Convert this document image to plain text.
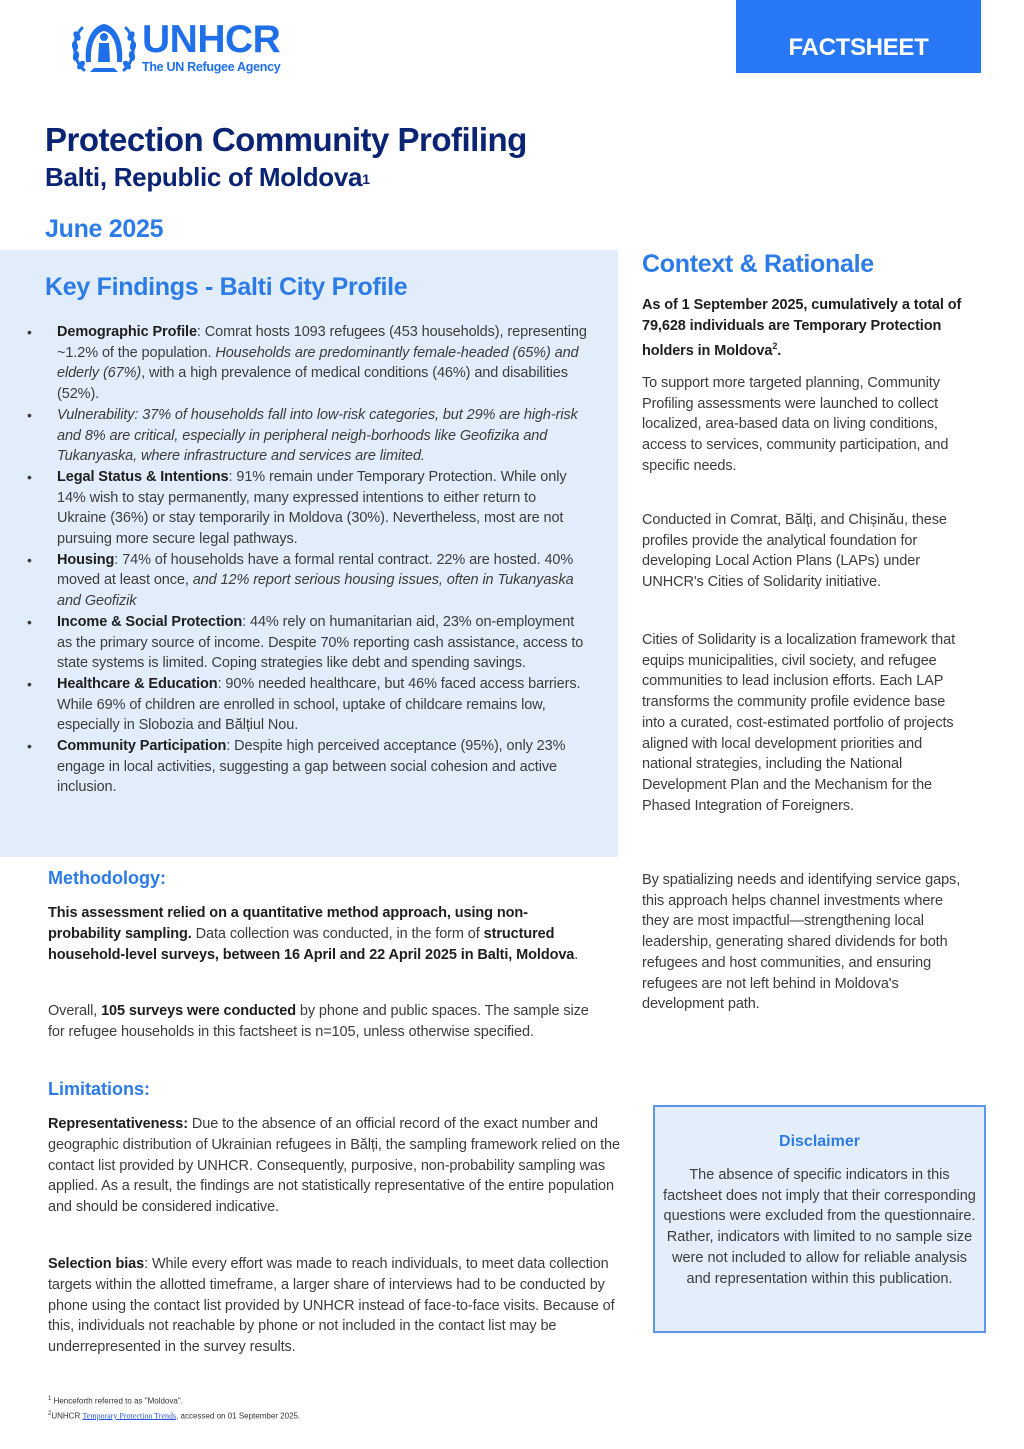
UNHCR
The UN Refugee Agency
FACTSHEET
Protection Community Profiling
Balti, Republic of Moldova$^1$
June 2025
Key Findings - Balti City Profile
• Demographic Profile: Comrat hosts 1093 refugees (453 households), representing ~1.2% of the population. Households are predominantly female-headed (65%) and elderly (67%), with a high prevalence of medical conditions (46%) and disabilities (52%).
• Vulnerability: 37% of households fall into low-risk categories, but 29% are high-risk and 8% are critical, especially in peripheral neigh-borhoods like Geofizika and Tukanyaska, where infrastructure and services are limited.
• Legal Status & Intentions: 91% remain under Temporary Protection. While only 14% wish to stay permanently, many expressed intentions to either return to Ukraine (36%) or stay temporarily in Moldova (30%). Nevertheless, most are not pursuing more secure legal pathways.
• Housing: 74% of households have a formal rental contract. 22% are hosted. 40% moved at least once, and 12% report serious housing issues, often in Tukanyaska and Geofizik
• Income & Social Protection: 44% rely on humanitarian aid, 23% on-employment as the primary source of income. Despite 70% reporting cash assistance, access to state systems is limited. Coping strategies like debt and spending savings.
• Healthcare & Education: 90% needed healthcare, but 46% faced access barriers. While 69% of children are enrolled in school, uptake of childcare remains low, especially in Slobozia and Bălțiul Nou.
• Community Participation: Despite high perceived acceptance (95%), only 23% engage in local activities, suggesting a gap between social cohesion and active inclusion.
Methodology:

This assessment relied on a quantitative method approach, using non-probability sampling. Data collection was conducted, in the form of structured household-level surveys, between 16 April and 22 April 2025 in Balti, Moldova.

Overall, 105 surveys were conducted by phone and public spaces. The sample size for refugee households in this factsheet is n=105, unless otherwise specified.

Limitations:

Representativeness: Due to the absence of an official record of the exact number and geographic distribution of Ukrainian refugees in Bălți, the sampling framework relied on the contact list provided by UNHCR. Consequently, purposive, non-probability sampling was applied. As a result, the findings are not statistically representative of the entire population and should be considered indicative.

Selection bias: While every effort was made to reach individuals, to meet data collection targets within the allotted timeframe, a larger share of interviews had to be conducted by phone using the contact list provided by UNHCR instead of face-to-face visits. Because of this, individuals not reachable by phone or not included in the contact list may be underrepresented in the survey results.

Context & Rationale

As of 1 September 2025, cumulatively a total of 79,628 individuals are Temporary Protection holders in Moldova$^2$.

To support more targeted planning, Community Profiling assessments were launched to collect localized, area-based data on living conditions, access to services, community participation, and specific needs.

Conducted in Comrat, Bălți, and Chișinău, these profiles provide the analytical foundation for developing Local Action Plans (LAPs) under UNHCR's Cities of Solidarity initiative.

Cities of Solidarity is a localization framework that equips municipalities, civil society, and refugee communities to lead inclusion efforts. Each LAP transforms the community profile evidence base into a curated, cost-estimated portfolio of projects aligned with local development priorities and national strategies, including the National Development Plan and the Mechanism for the Phased Integration of Foreigners.

By spatializing needs and identifying service gaps, this approach helps channel investments where they are most impactful—strengthening local leadership, generating shared dividends for both refugees and host communities, and ensuring refugees are not left behind in Moldova's development path.

Disclaimer
The absence of specific indicators in this factsheet does not imply that their corresponding questions were excluded from the questionnaire. Rather, indicators with limited to no sample size were not included to allow for reliable analysis and representation within this publication.
$^1$ Henceforth referred to as "Moldova".
$^2$UNHCR Temporary Protection Trends, accessed on 01 September 2025.
